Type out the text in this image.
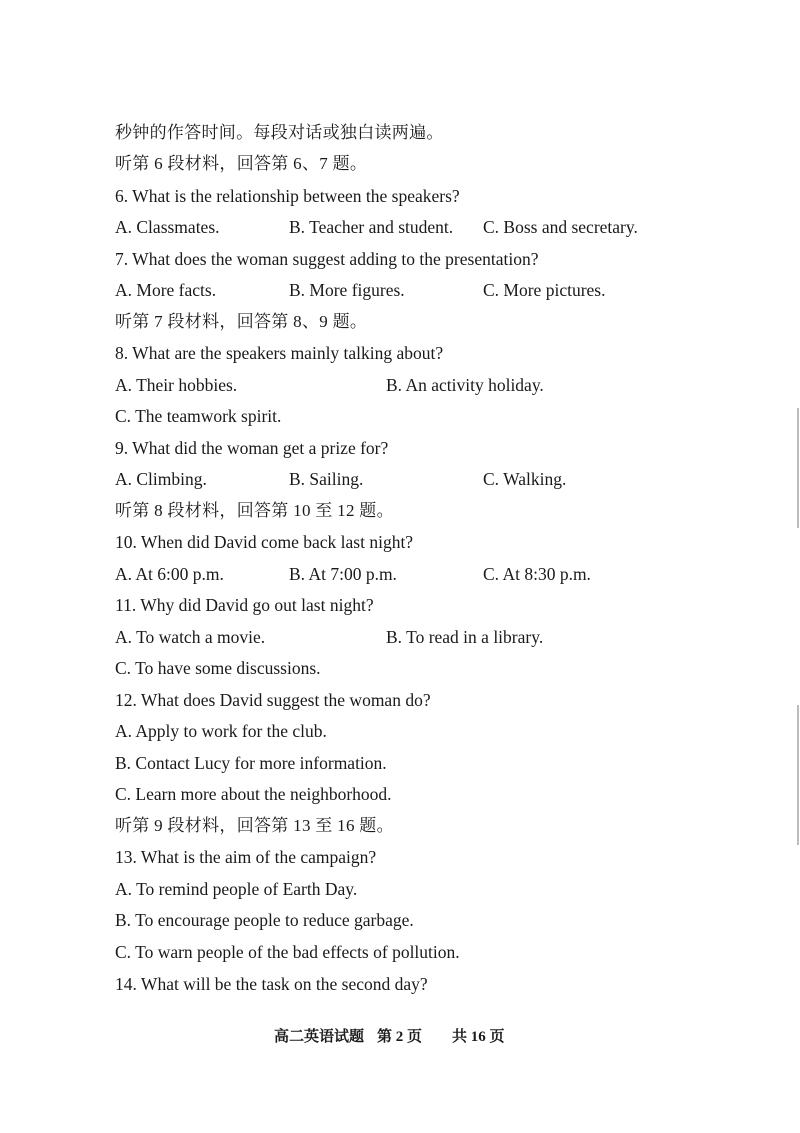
秒钟的作答时间。每段对话或独白读两遍。
听第 6 段材料，回答第 6、7 题。
6. What is the relationship between the speakers?
A. Classmates.	B. Teacher and student. C. Boss and secretary.
7. What does the woman suggest adding to the presentation?
A. More facts.	B. More figures.	C. More pictures.
听第 7 段材料，回答第 8、9 题。
8. What are the speakers mainly talking about?
A. Their hobbies.	B. An activity holiday.
C. The teamwork spirit.
9. What did the woman get a prize for?
A. Climbing.	B. Sailing.	C. Walking.
听第 8 段材料，回答第 10 至 12 题。
10. When did David come back last night?
A. At 6:00 p.m.	B. At 7:00 p.m.	C. At 8:30 p.m.
11. Why did David go out last night?
A. To watch a movie.	B. To read in a library.
C. To have some discussions.
12. What does David suggest the woman do?
A. Apply to work for the club.
B. Contact Lucy for more information.
C. Learn more about the neighborhood.
听第 9 段材料，回答第 13 至 16 题。
13. What is the aim of the campaign?
A. To remind people of Earth Day.
B. To encourage people to reduce garbage.
C. To warn people of the bad effects of pollution.
14. What will be the task on the second day?
高二英语试题 第 2 页 共 16 页
